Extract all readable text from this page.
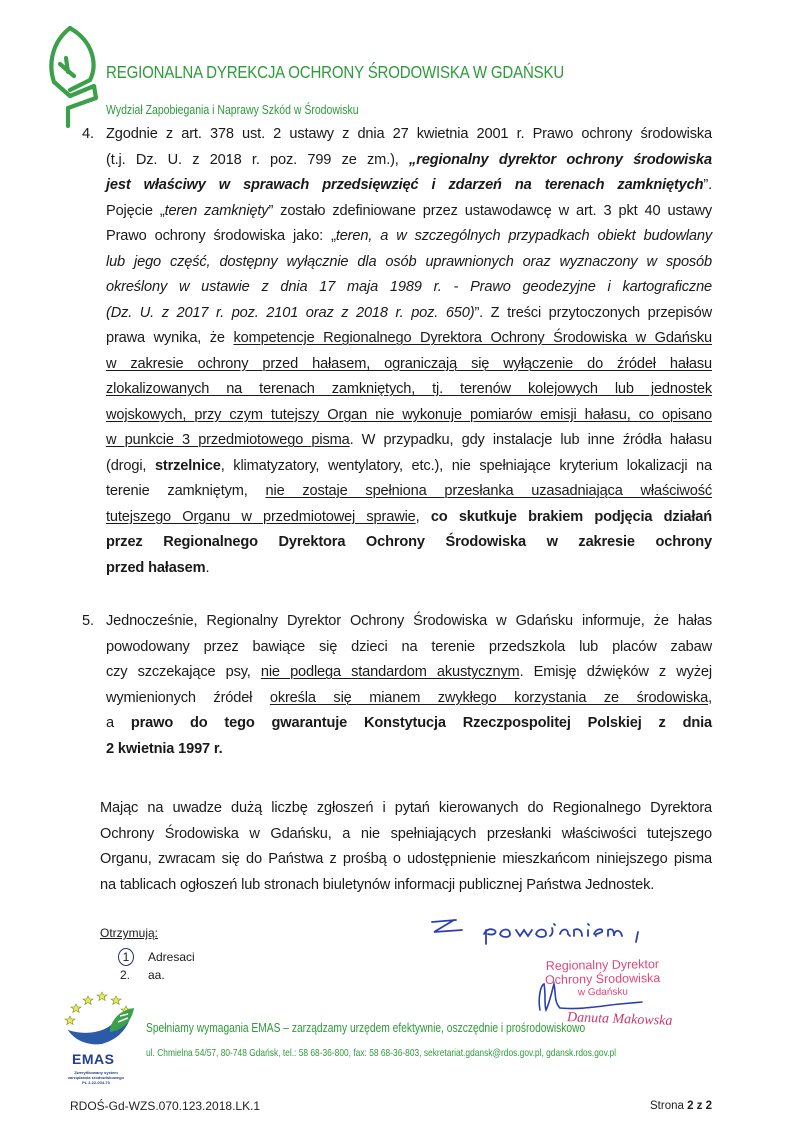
REGIONALNA DYREKCJA OCHRONY ŚRODOWISKA W GDAŃSKU
Wydział Zapobiegania i Naprawy Szkód w Środowisku
4. Zgodnie z art. 378 ust. 2 ustawy z dnia 27 kwietnia 2001 r. Prawo ochrony środowiska
(t.j. Dz. U. z 2018 r. poz. 799 ze zm.), „regionalny dyrektor ochrony środowiska
jest właściwy w sprawach przedsięwzięć i zdarzeń na terenach zamkniętych”.
Pojęcie „teren zamknięty” zostało zdefiniowane przez ustawodawcę w art. 3 pkt 40 ustawy
Prawo ochrony środowiska jako: „teren, a w szczególnych przypadkach obiekt budowlany
lub jego część, dostępny wyłącznie dla osób uprawnionych oraz wyznaczony w sposób
określony w ustawie z dnia 17 maja 1989 r. - Prawo geodezyjne i kartograficzne
(Dz. U. z 2017 r. poz. 2101 oraz z 2018 r. poz. 650)”. Z treści przytoczonych przepisów
prawa wynika, że kompetencje Regionalnego Dyrektora Ochrony Środowiska w Gdańsku
w zakresie ochrony przed hałasem, ograniczają się wyłączenie do źródeł hałasu
zlokalizowanych na terenach zamkniętych, tj. terenów kolejowych lub jednostek
wojskowych, przy czym tutejszy Organ nie wykonuje pomiarów emisji hałasu, co opisano
w punkcie 3 przedmiotowego pisma. W przypadku, gdy instalacje lub inne źródła hałasu
(drogi, strzelnice, klimatyzatory, wentylatory, etc.), nie spełniające kryterium lokalizacji na
terenie zamkniętym, nie zostaje spełniona przesłanka uzasadniająca właściwość
tutejszego Organu w przedmiotowej sprawie, co skutkuje brakiem podjęcia działań
przez Regionalnego Dyrektora Ochrony Środowiska w zakresie ochrony
przed hałasem.
5. Jednocześnie, Regionalny Dyrektor Ochrony Środowiska w Gdańsku informuje, że hałas
powodowany przez bawiące się dzieci na terenie przedszkola lub placów zabaw
czy szczekające psy, nie podlega standardom akustycznym. Emisję dźwięków z wyżej
wymienionych źródeł określa się mianem zwykłego korzystania ze środowiska,
a prawo do tego gwarantuje Konstytucja Rzeczpospolitej Polskiej z dnia
2 kwietnia 1997 r.
Mając na uwadze dużą liczbę zgłoszeń i pytań kierowanych do Regionalnego Dyrektora
Ochrony Środowiska w Gdańsku, a nie spełniających przesłanki właściwości tutejszego
Organu, zwracam się do Państwa z prośbą o udostępnienie mieszkańcom niniejszego pisma
na tablicach ogłoszeń lub stronach biuletynów informacji publicznej Państwa Jednostek.
Otrzymują:
1 Adresaci
2. aa.
Regionalny Dyrektor
Ochrony Środowiska
w Gdańsku
Danuta Makowska
EMAS
Zweryfikowany system zarządzania środowiskowego PL 2.22-004-70
Spełniamy wymagania EMAS – zarządzamy urzędem efektywnie, oszczędnie i prośrodowiskowo
ul. Chmielna 54/57, 80-748 Gdańsk, tel.: 58 68-36-800, fax: 58 68-36-803, sekretariat.gdansk@rdos.gov.pl, gdansk.rdos.gov.pl
RDOŚ-Gd-WZS.070.123.2018.LK.1	Strona 2 z 2
